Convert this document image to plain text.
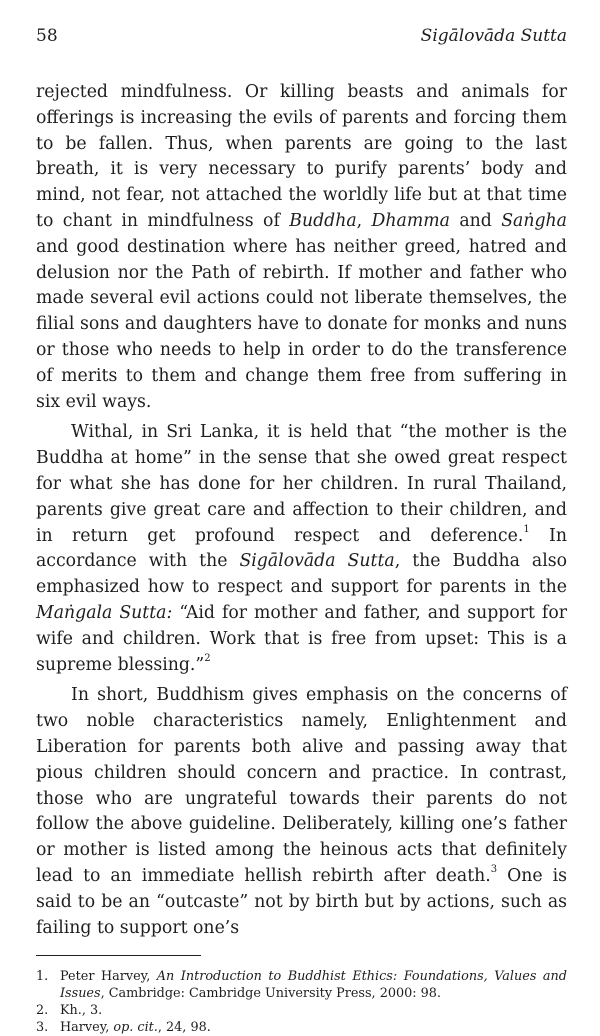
58	Sigālovāda Sutta

rejected mindfulness. Or killing beasts and animals for offerings is increasing the evils of parents and forcing them to be fallen. Thus, when parents are going to the last breath, it is very necessary to purify parents’ body and mind, not fear, not attached the worldly life but at that time to chant in mindfulness of Buddha, Dhamma and Saṅgha and good destination where has neither greed, hatred and delusion nor the Path of rebirth. If mother and father who made several evil actions could not liberate themselves, the filial sons and daughters have to donate for monks and nuns or those who needs to help in order to do the transference of merits to them and change them free from suffering in six evil ways.

Withal, in Sri Lanka, it is held that “the mother is the Buddha at home” in the sense that she owed great respect for what she has done for her children. In rural Thailand, parents give great care and affection to their children, and in return get profound respect and deference.$^1$ In accordance with the Sigālovāda Sutta, the Buddha also emphasized how to respect and support for parents in the Maṅgala Sutta: “Aid for mother and father, and support for wife and children. Work that is free from upset: This is a supreme blessing.”$^2$

In short, Buddhism gives emphasis on the concerns of two noble characteristics namely, Enlightenment and Liberation for parents both alive and passing away that pious children should concern and practice. In contrast, those who are ungrateful towards their parents do not follow the above guideline. Deliberately, killing one’s father or mother is listed among the heinous acts that definitely lead to an immediate hellish rebirth after death.$^3$ One is said to be an “outcaste” not by birth but by actions, such as failing to support one’s

1. Peter Harvey, An Introduction to Buddhist Ethics: Foundations, Values and Issues, Cambridge: Cambridge University Press, 2000: 98.
2. Kh., 3.
3. Harvey, op. cit., 24, 98.
